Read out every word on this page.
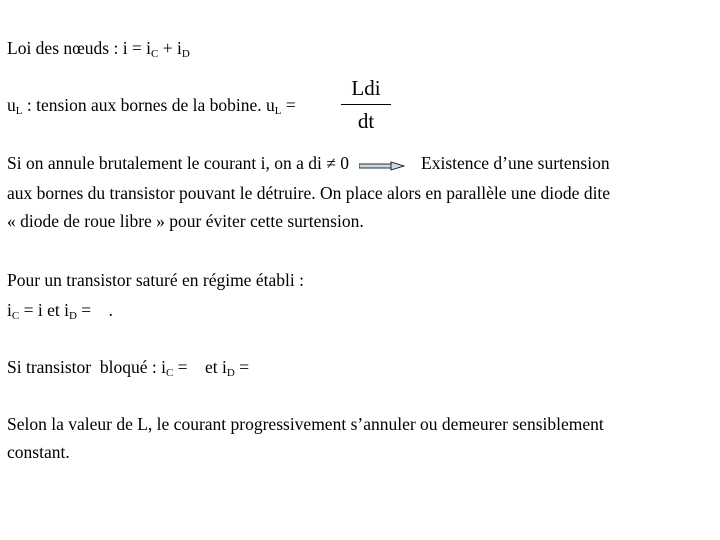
Loi des nœuds : $i = i_C + i_D$
$u_L$ : tension aux bornes de la bobine. $u_L$ =
Ldi
dt
Si on annule brutalement le courant i, on a di ≠ 0	Existence d’une surtension
aux bornes du transistor pouvant le détruire. On place alors en parallèle une diode dite
« diode de roue libre » pour éviter cette surtension.
Pour un transistor saturé en régime établi :
$i_C = i$ et $i_D$ =    .
Si transistor  bloqué : $i_C$ =    et $i_D$ =
Selon la valeur de L, le courant progressivement s’annuler ou demeurer sensiblement
constant.
